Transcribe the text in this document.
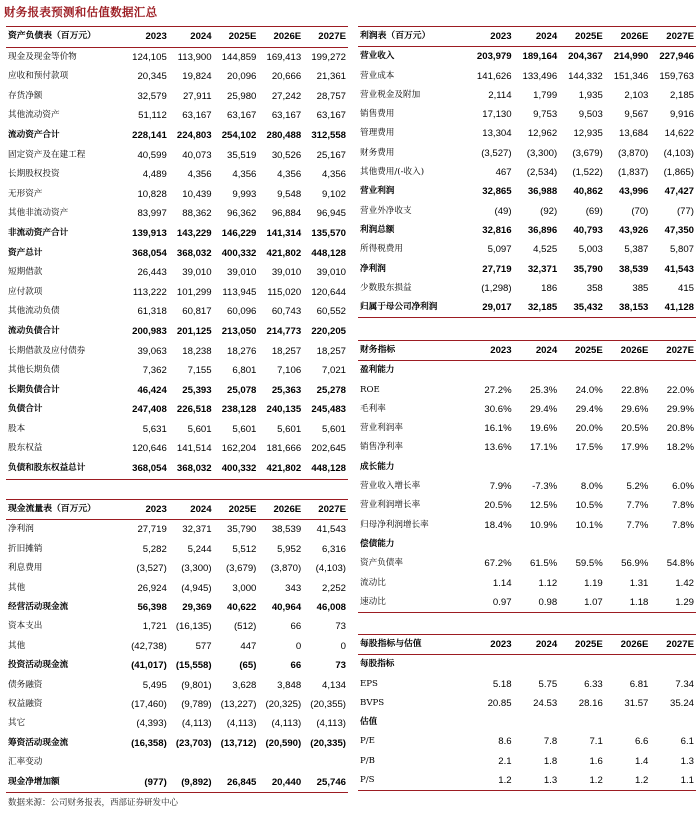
财务报表预测和估值数据汇总
资产负债表（百万元）	2023	2024	2025E	2026E	2027E
现金及现金等价物	124,105	113,900	144,859	169,413	199,272
应收和预付款项	20,345	19,824	20,096	20,666	21,361
存货净额	32,579	27,911	25,980	27,242	28,757
其他流动资产	51,112	63,167	63,167	63,167	63,167
流动资产合计	228,141	224,803	254,102	280,488	312,558
固定资产及在建工程	40,599	40,073	35,519	30,526	25,167
长期股权投资	4,489	4,356	4,356	4,356	4,356
无形资产	10,828	10,439	9,993	9,548	9,102
其他非流动资产	83,997	88,362	96,362	96,884	96,945
非流动资产合计	139,913	143,229	146,229	141,314	135,570
资产总计	368,054	368,032	400,332	421,802	448,128
短期借款	26,443	39,010	39,010	39,010	39,010
应付款项	113,222	101,299	113,945	115,020	120,644
其他流动负债	61,318	60,817	60,096	60,743	60,552
流动负债合计	200,983	201,125	213,050	214,773	220,205
长期借款及应付债券	39,063	18,238	18,276	18,257	18,257
其他长期负债	7,362	7,155	6,801	7,106	7,021
长期负债合计	46,424	25,393	25,078	25,363	25,278
负债合计	247,408	226,518	238,128	240,135	245,483
股本	5,631	5,601	5,601	5,601	5,601
股东权益	120,646	141,514	162,204	181,666	202,645
负债和股东权益总计	368,054	368,032	400,332	421,802	448,128
现金流量表（百万元）	2023	2024	2025E	2026E	2027E
净利润	27,719	32,371	35,790	38,539	41,543
折旧摊销	5,282	5,244	5,512	5,952	6,316
利息费用	(3,527)	(3,300)	(3,679)	(3,870)	(4,103)
其他	26,924	(4,945)	3,000	343	2,252
经营活动现金流	56,398	29,369	40,622	40,964	46,008
资本支出	1,721	(16,135)	(512)	66	73
其他	(42,738)	577	447	0	0
投资活动现金流	(41,017)	(15,558)	(65)	66	73
债务融资	5,495	(9,801)	3,628	3,848	4,134
权益融资	(17,460)	(9,789)	(13,227)	(20,325)	(20,355)
其它	(4,393)	(4,113)	(4,113)	(4,113)	(4,113)
筹资活动现金流	(16,358)	(23,703)	(13,712)	(20,590)	(20,335)
汇率变动					
现金净增加额	(977)	(9,892)	26,845	20,440	25,746
利润表（百万元）	2023	2024	2025E	2026E	2027E
营业收入	203,979	189,164	204,367	214,990	227,946
营业成本	141,626	133,496	144,332	151,346	159,763
营业税金及附加	2,114	1,799	1,935	2,103	2,185
销售费用	17,130	9,753	9,503	9,567	9,916
管理费用	13,304	12,962	12,935	13,684	14,622
财务费用	(3,527)	(3,300)	(3,679)	(3,870)	(4,103)
其他费用/(-收入)	467	(2,534)	(1,522)	(1,837)	(1,865)
营业利润	32,865	36,988	40,862	43,996	47,427
营业外净收支	(49)	(92)	(69)	(70)	(77)
利润总额	32,816	36,896	40,793	43,926	47,350
所得税费用	5,097	4,525	5,003	5,387	5,807
净利润	27,719	32,371	35,790	38,539	41,543
少数股东损益	(1,298)	186	358	385	415
归属于母公司净利润	29,017	32,185	35,432	38,153	41,128
财务指标	2023	2024	2025E	2026E	2027E
盈利能力					
ROE	27.2%	25.3%	24.0%	22.8%	22.0%
毛利率	30.6%	29.4%	29.4%	29.6%	29.9%
营业利润率	16.1%	19.6%	20.0%	20.5%	20.8%
销售净利率	13.6%	17.1%	17.5%	17.9%	18.2%
成长能力					
营业收入增长率	7.9%	-7.3%	8.0%	5.2%	6.0%
营业利润增长率	20.5%	12.5%	10.5%	7.7%	7.8%
归母净利润增长率	18.4%	10.9%	10.1%	7.7%	7.8%
偿债能力					
资产负债率	67.2%	61.5%	59.5%	56.9%	54.8%
流动比	1.14	1.12	1.19	1.31	1.42
速动比	0.97	0.98	1.07	1.18	1.29
每股指标与估值	2023	2024	2025E	2026E	2027E
每股指标					
EPS	5.18	5.75	6.33	6.81	7.34
BVPS	20.85	24.53	28.16	31.57	35.24
估值					
P/E	8.6	7.8	7.1	6.6	6.1
P/B	2.1	1.8	1.6	1.4	1.3
P/S	1.2	1.3	1.2	1.2	1.1
数据来源：公司财务报表，西部证券研发中心
